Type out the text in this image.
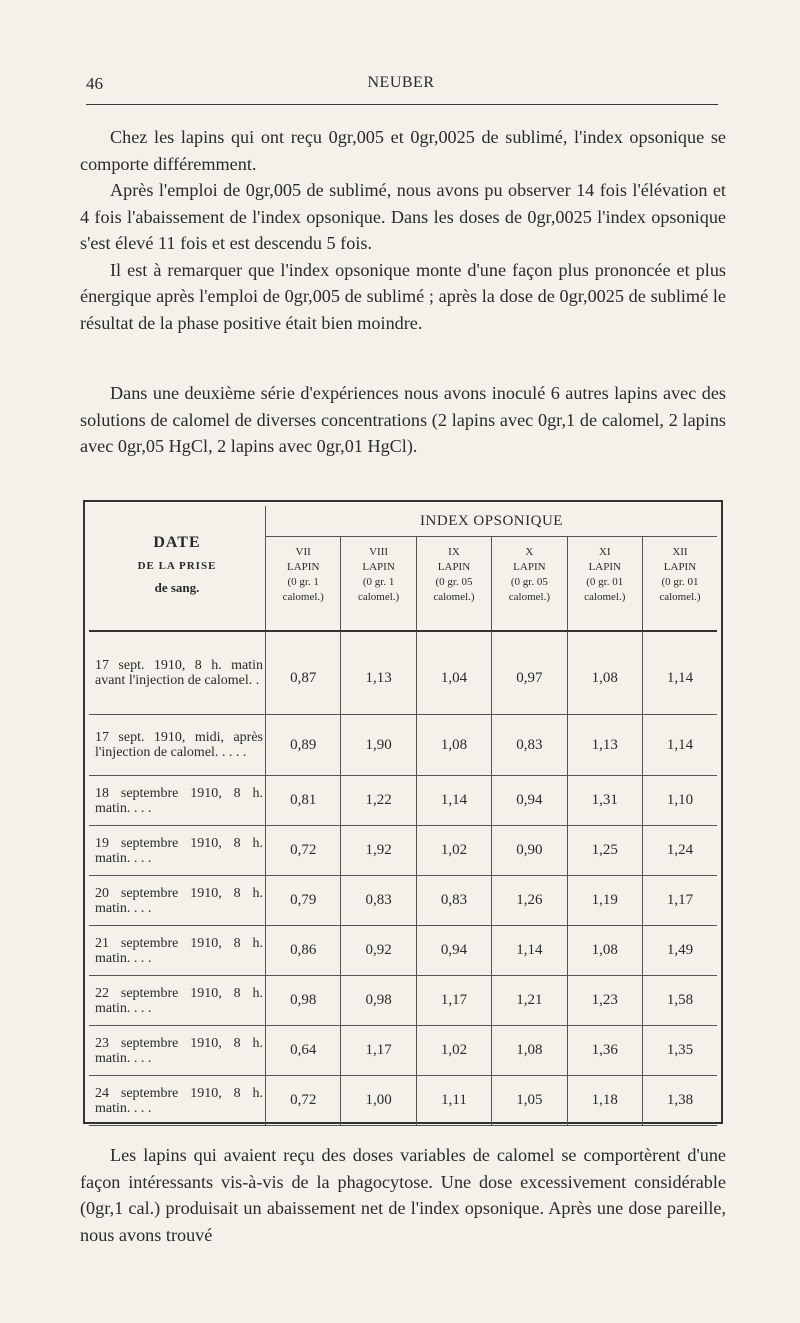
NEUBER
46

Chez les lapins qui ont reçu 0gr,005 et 0gr,0025 de sublimé, l'index opsonique se comporte différemment.

Après l'emploi de 0gr,005 de sublimé, nous avons pu observer 14 fois l'élévation et 4 fois l'abaissement de l'index opsonique. Dans les doses de 0gr,0025 l'index opsonique s'est élevé 11 fois et est descendu 5 fois.

Il est à remarquer que l'index opsonique monte d'une façon plus prononcée et plus énergique après l'emploi de 0gr,005 de sublimé ; après la dose de 0gr,0025 de sublimé le résultat de la phase positive était bien moindre.

Dans une deuxième série d'expériences nous avons inoculé 6 autres lapins avec des solutions de calomel de diverses concentrations (2 lapins avec 0gr,1 de calomel, 2 lapins avec 0gr,05 HgCl, 2 lapins avec 0gr,01 HgCl).

DATE
DE LA PRISE
de sang.	INDEX OPSONIQUE					

	VII
LAPIN
(0 gr. 1
calomel.)	VIII
LAPIN
(0 gr. 1
calomel.)	IX
LAPIN
(0 gr. 05
calomel.)	X
LAPIN
(0 gr. 05
calomel.)	XI
LAPIN
(0 gr. 01
calomel.)	XII
LAPIN
(0 gr. 01
calomel.)

17 sept. 1910, 8 h. matin avant l'injection de calomel. .	0,87	1,13	1,04	0,97	1,08	1,14
17 sept. 1910, midi, après l'injection de calomel. . . . .	0,89	1,90	1,08	0,83	1,13	1,14
18 septembre 1910, 8 h. matin. . . .	0,81	1,22	1,14	0,94	1,31	1,10
19 septembre 1910, 8 h. matin. . . .	0,72	1,92	1,02	0,90	1,25	1,24
20 septembre 1910, 8 h. matin. . . .	0,79	0,83	0,83	1,26	1,19	1,17
21 septembre 1910, 8 h. matin. . . .	0,86	0,92	0,94	1,14	1,08	1,49
22 septembre 1910, 8 h. matin. . . .	0,98	0,98	1,17	1,21	1,23	1,58
23 septembre 1910, 8 h. matin. . . .	0,64	1,17	1,02	1,08	1,36	1,35
24 septembre 1910, 8 h. matin. . . .	0,72	1,00	1,11	1,05	1,18	1,38

Les lapins qui avaient reçu des doses variables de calomel se comportèrent d'une façon intéressants vis-à-vis de la phagocytose. Une dose excessivement considérable (0gr,1 cal.) produisait un abaissement net de l'index opsonique. Après une dose pareille, nous avons trouvé
